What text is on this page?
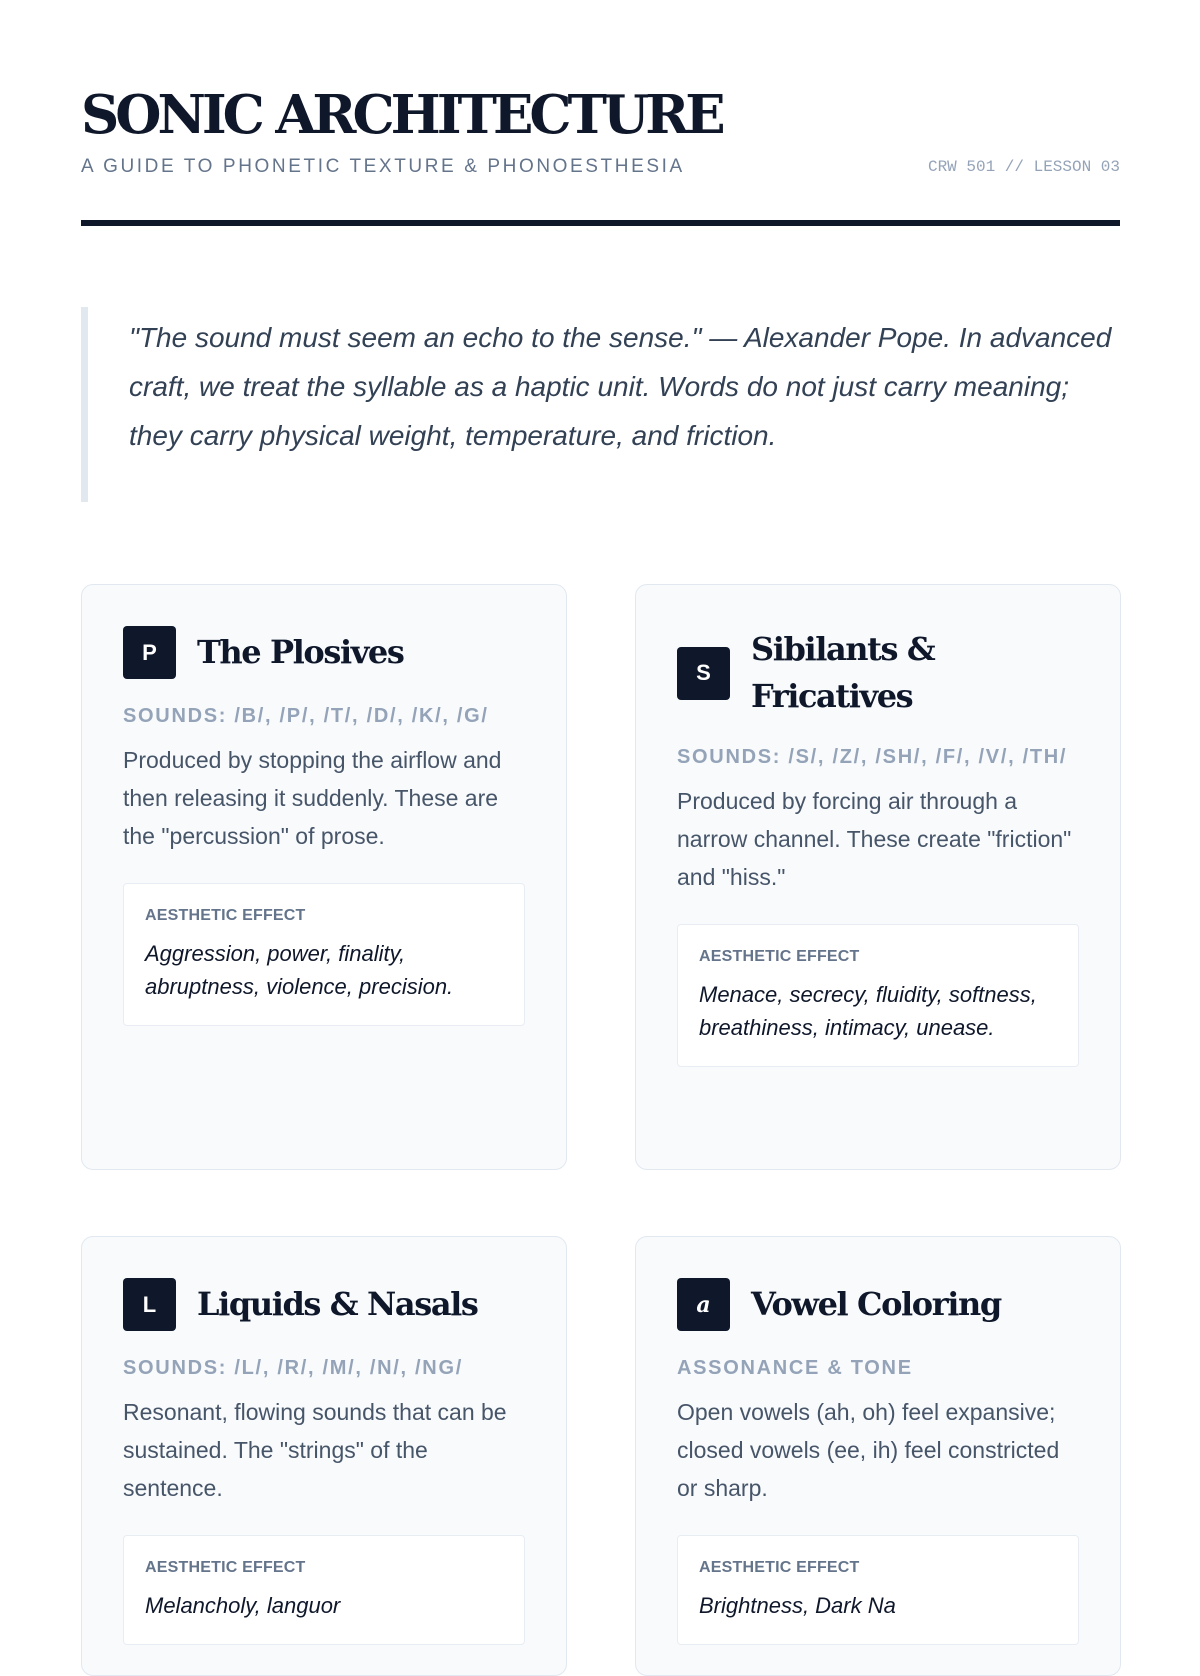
SONIC ARCHITECTURE
A GUIDE TO PHONETIC TEXTURE & PHONOESTHESIA	CRW 501 // LESSON 03

"The sound must seem an echo to the sense." — Alexander Pope. In advanced craft, we treat the syllable as a haptic unit. Words do not just carry meaning; they carry physical weight, temperature, and friction.

P	The Plosives
SOUNDS: /B/, /P/, /T/, /D/, /K/, /G/
Produced by stopping the airflow and then releasing it suddenly. These are the "percussion" of prose.
AESTHETIC EFFECT
Aggression, power, finality, abruptness, violence, precision.
S
Sibilants & Fricatives
SOUNDS: /S/, /Z/, /SH/, /F/, /V/, /TH/
Produced by forcing air through a narrow channel. These create "friction" and "hiss."
AESTHETIC EFFECT
Menace, secrecy, fluidity, softness, breathiness, intimacy, unease.
L	Liquids & Nasals
SOUNDS: /L/, /R/, /M/, /N/, /NG/
Resonant, flowing sounds that can be sustained. The "strings" of the sentence.
AESTHETIC EFFECT
Melancholy, languor
a	Vowel Coloring
ASSONANCE & TONE
Open vowels (ah, oh) feel expansive; closed vowels (ee, ih) feel constricted or sharp.
AESTHETIC EFFECT
Brightness, Dark Na
